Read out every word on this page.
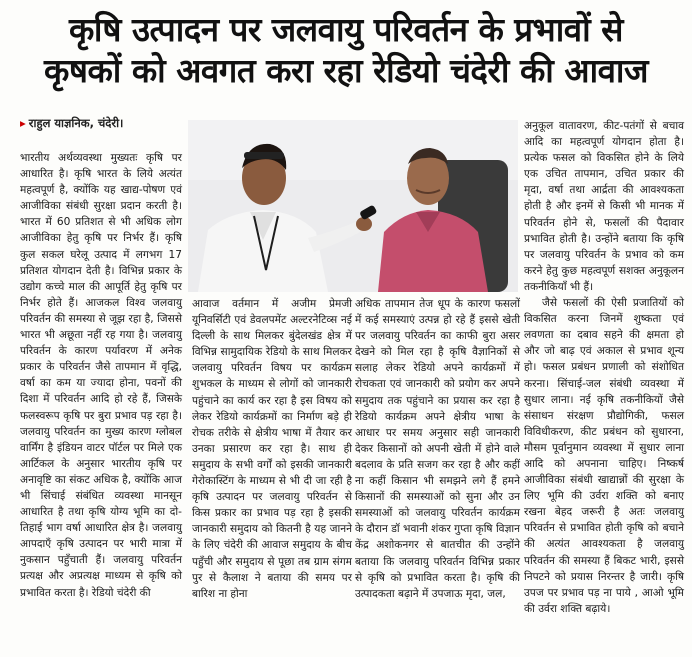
कृषि उत्पादन पर जलवायु परिवर्तन के प्रभावों से
कृषकों को अवगत करा रहा रेडियो चंदेरी की आवाज
▸ राहुल याज्ञनिक, चंदेरी।

भारतीय अर्थव्यवस्था मुख्यतः कृषि पर आधारित है। कृषि भारत के लिये अत्यंत महत्वपूर्ण है, क्योंकि यह खाद्य-पोषण एवं आजीविका संबंधी सुरक्षा प्रदान करती है। भारत में 60 प्रतिशत से भी अधिक लोग आजीविका हेतु कृषि पर निर्भर हैं। कृषि कुल सकल घरेलू उत्पाद में लगभग 17 प्रतिशत योगदान देती है। विभिन्न प्रकार के उद्योग कच्चे माल की आपूर्ति हेतु कृषि पर निर्भर होते हैं। आजकल विश्व जलवायु परिवर्तन की समस्या से जूझ रहा है, जिससे भारत भी अछूता नहीं रह गया है। जलवायु परिवर्तन के कारण पर्यावरण में अनेक प्रकार के परिवर्तन जैसे तापमान में वृद्धि, वर्षा का कम या ज्यादा होना, पवनों की दिशा में परिवर्तन आदि हो रहे हैं, जिसके फलस्वरूप कृषि पर बुरा प्रभाव पड़ रहा है। जलवायु परिवर्तन का मुख्य कारण ग्लोबल वार्मिंग है इंडियन वाटर पॉर्टल पर मिले एक आर्टिकल के अनुसार भारतीय कृषि पर अनावृष्टि का संकट अधिक है, क्योंकि आज भी सिंचाई संबंधित व्यवस्था मानसून आधारित है तथा कृषि योग्य भूमि का दो-तिहाई भाग वर्षा आधारित क्षेत्र है। जलवायु आपदाएँ कृषि उत्पादन पर भारी मात्रा में नुकसान पहुँचाती हैं। जलवायु परिवर्तन प्रत्यक्ष और अप्रत्यक्ष माध्यम से कृषि को प्रभावित करता है। रेडियो चंदेरी की

आवाज वर्तमान में अजीम प्रेमजी यूनिवर्सिटी एवं डेवलपमेंट अल्टरनेटिव्स नई दिल्ली के साथ मिलकर बुंदेलखंड क्षेत्र में विभिन्न सामुदायिक रेडियो के साथ मिलकर जलवायु परिवर्तन विषय पर कार्यक्रम शुभकल के माध्यम से लोगों को जानकारी पहुंचाने का कार्य कर रहा है इस विषय को लेकर रेडियो कार्यक्रमों का निर्माण बड़े ही रोचक तरीके से क्षेत्रीय भाषा में तैयार कर उनका प्रसारण कर रहा है। साथ ही समुदाय के सभी वर्गों को इसकी जानकारी गेरोकास्टिंग के माध्यम से भी दी जा रही है कृषि उत्पादन पर जलवायु परिवर्तन से किस प्रकार का प्रभाव पड़ रहा है इसकी जानकारी समुदाय को कितनी है यह जानने के लिए चंदेरी की आवाज समुदाय के बीच पहुँची और समुदाय से पूछा तब ग्राम संगम पुर से कैलाश ने बताया की समय पर बारिश ना होना

अधिक तापमान तेज धूप के कारण फसलों में कई समस्याएं उत्पन्न हो रहे हैं इससे खेती पर जलवायु परिवर्तन का काफी बुरा असर देखने को मिल रहा है कृषि वैज्ञानिकों से सलाह लेकर रेडियो अपने कार्यक्रमों में रोचकता एवं जानकारी को प्रयोग कर अपने समुदाय तक पहुंचाने का प्रयास कर रहा है रेडियो कार्यक्रम अपने क्षेत्रीय भाषा के आधार पर समय अनुसार सही जानकारी देकर किसानों को अपनी खेती में होने वाले बदलाव के प्रति सजग कर रहा है और कहीं ना कहीं किसान भी समझने लगे हैं हमने किसानों की समस्याओं को सुना और उन समस्याओं को जलवायु परिवर्तन कार्यक्रम के दौरान डॉ भवानी शंकर गुप्ता कृषि विज्ञान केंद्र अशोकनगर से बातचीत की उन्होंने बताया कि जलवायु परिवर्तन विभिन्न प्रकार से कृषि को प्रभावित करता है। कृषि की उत्पादकता बढ़ाने में उपजाऊ मृदा, जल,

अनुकूल वातावरण, कीट-पतंगों से बचाव आदि का महत्वपूर्ण योगदान होता है। प्रत्येक फसल को विकसित होने के लिये एक उचित तापमान, उचित प्रकार की मृदा, वर्षा तथा आर्द्रता की आवश्यकता होती है और इनमें से किसी भी मानक में परिवर्तन होने से, फसलों की पैदावार प्रभावित होती है। उन्होंने बताया कि कृषि पर जलवायु परिवर्तन के प्रभाव को कम करने हेतु कुछ महत्वपूर्ण सशक्त अनुकूलन तकनीकियाँ भी हैं।

जैसे फसलों की ऐसी प्रजातियों को विकसित करना जिनमें शुष्कता एवं लवणता का दबाव सहने की क्षमता हो और जो बाढ़ एवं अकाल से प्रभाव शून्य हो। फसल प्रबंधन प्रणाली को संशोधित करना। सिंचाई-जल संबंधी व्यवस्था में सुधार लाना। नई कृषि तकनीकियों जैसे संसाधन संरक्षण प्रौद्योगिकी, फसल विविधीकरण, कीट प्रबंधन को सुधारना, मौसम पूर्वानुमान व्यवस्था में सुधार लाना आदि को अपनाना चाहिए। निष्कर्ष आजीविका संबंधी खाद्यान्नों की सुरक्षा के लिए भूमि की उर्वरा शक्ति को बनाए रखना बेहद जरूरी है अतः जलवायु परिवर्तन से प्रभावित होती कृषि को बचाने की अत्यंत आवश्यकता है जलवायु परिवर्तन की समस्या हैं बिकट भारी, इससे निपटने को प्रयास निरन्तर है जारी। कृषि उपज पर प्रभाव पड़ ना पाये , आओ भूमि की उर्वरा शक्ति बढ़ाये।
